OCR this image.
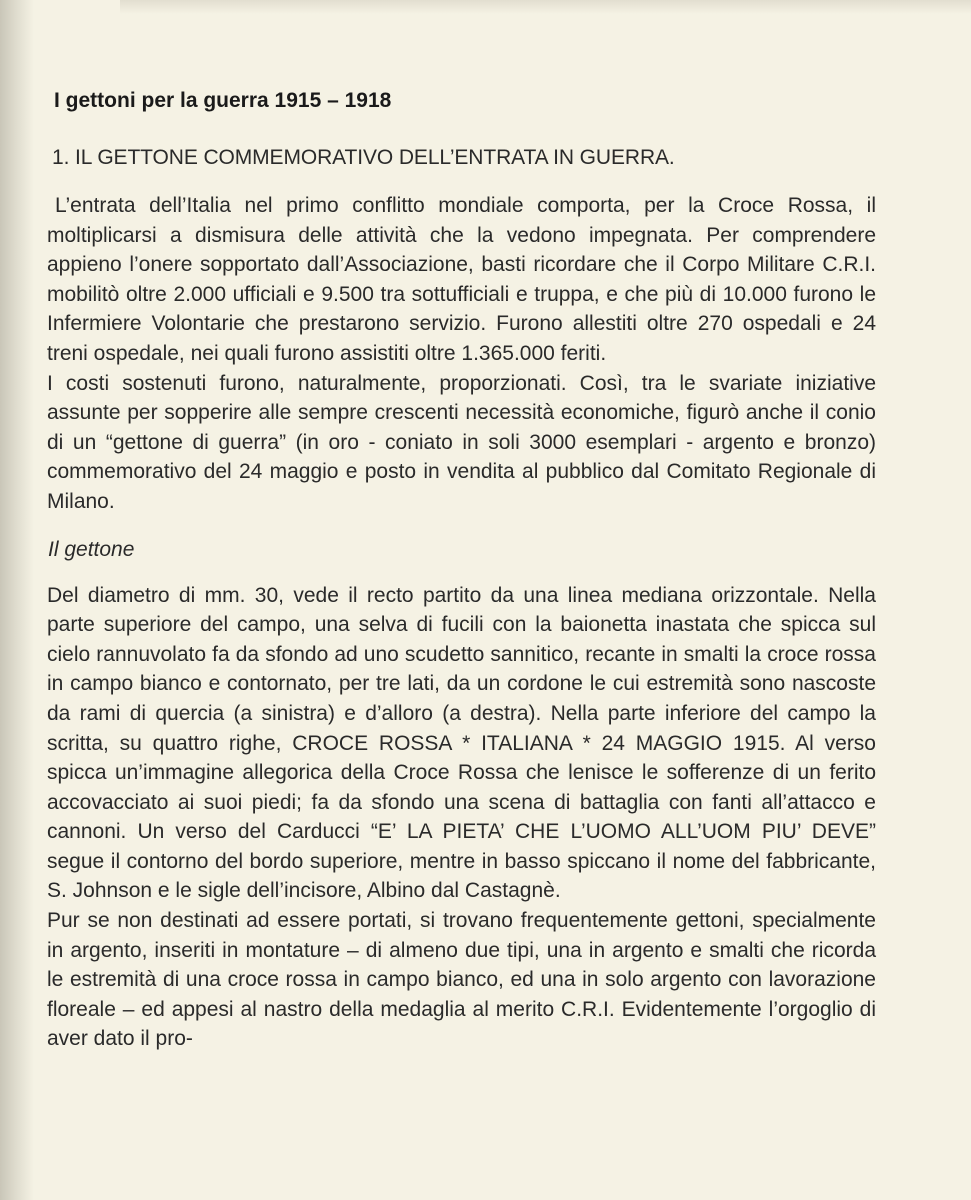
I gettoni per la guerra 1915 – 1918
1. IL GETTONE COMMEMORATIVO DELL’ENTRATA IN GUERRA.

L’entrata dell’Italia nel primo conflitto mondiale comporta, per la Croce Rossa, il moltiplicarsi a dismisura delle attività che la vedono impegnata. Per comprendere appieno l’onere sopportato dall’Associazione, basti ricordare che il Corpo Militare C.R.I. mobilitò oltre 2.000 ufficiali e 9.500 tra sottufficiali e truppa, e che più di 10.000 furono le Infermiere Volontarie che prestarono servizio. Furono allestiti oltre 270 ospedali e 24 treni ospedale, nei quali furono assistiti oltre 1.365.000 feriti.

I costi sostenuti furono, naturalmente, proporzionati. Così, tra le svariate iniziative assunte per sopperire alle sempre crescenti necessità economiche, figurò anche il conio di un “gettone di guerra” (in oro - coniato in soli 3000 esemplari - argento e bronzo) commemorativo del 24 maggio e posto in vendita al pubblico dal Comitato Regionale di Milano.

Il gettone

Del diametro di mm. 30, vede il recto partito da una linea mediana orizzontale. Nella parte superiore del campo, una selva di fucili con la baionetta inastata che spicca sul cielo rannuvolato fa da sfondo ad uno scudetto sannitico, recante in smalti la croce rossa in campo bianco e contornato, per tre lati, da un cordone le cui estremità sono nascoste da rami di quercia (a sinistra) e d’alloro (a destra). Nella parte inferiore del campo la scritta, su quattro righe, CROCE ROSSA * ITALIANA * 24 MAGGIO 1915. Al verso spicca un’immagine allegorica della Croce Rossa che lenisce le sofferenze di un ferito accovacciato ai suoi piedi; fa da sfondo una scena di battaglia con fanti all’attacco e cannoni. Un verso del Carducci “E’ LA PIETA’ CHE L’UOMO ALL’UOM PIU’ DEVE” segue il contorno del bordo superiore, mentre in basso spiccano il nome del fabbricante, S. Johnson e le sigle dell’incisore, Albino dal Castagnè.

Pur se non destinati ad essere portati, si trovano frequentemente gettoni, specialmente in argento, inseriti in montature – di almeno due tipi, una in argento e smalti che ricorda le estremità di una croce rossa in campo bianco, ed una in solo argento con lavorazione floreale – ed appesi al nastro della medaglia al merito C.R.I. Evidentemente l’orgoglio di aver dato il pro-
